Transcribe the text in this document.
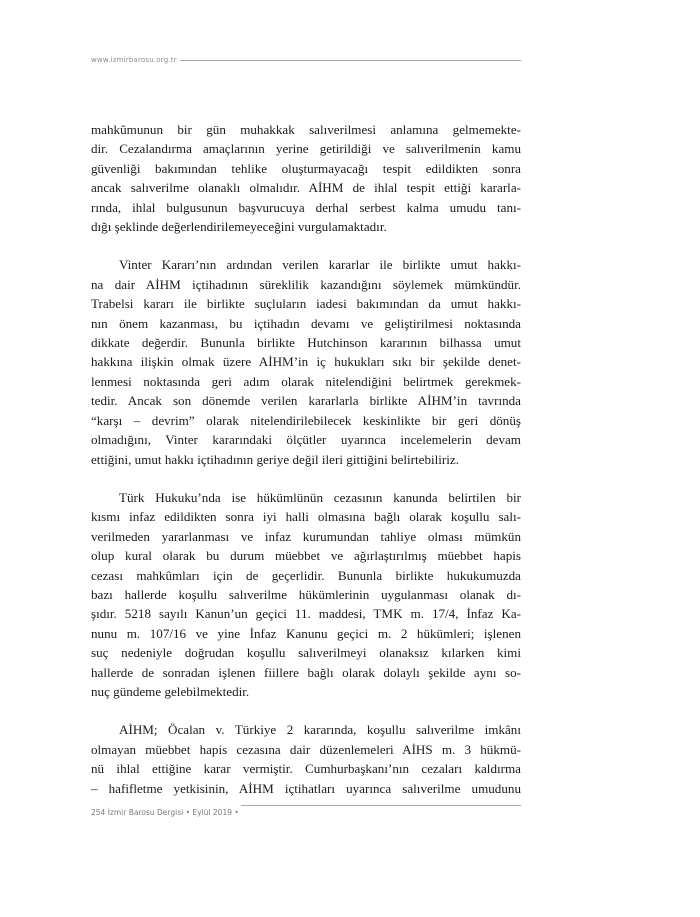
www.izmirbarosu.org.tr
mahkûmunun bir gün muhakkak salıverilmesi anlamına gelmemekte-
dir. Cezalandırma amaçlarının yerine getirildiği ve salıverilmenin kamu
güvenliği bakımından tehlike oluşturmayacağı tespit edildikten sonra
ancak salıverilme olanaklı olmalıdır. AİHM de ihlal tespit ettiği kararla-
rında, ihlal bulgusunun başvurucuya derhal serbest kalma umudu tanı-
dığı şeklinde değerlendirilemeyeceğini vurgulamaktadır.
Vinter Kararı’nın ardından verilen kararlar ile birlikte umut hakkı-
na dair AİHM içtihadının süreklilik kazandığını söylemek mümkündür.
Trabelsi kararı ile birlikte suçluların iadesi bakımından da umut hakkı-
nın önem kazanması, bu içtihadın devamı ve geliştirilmesi noktasında
dikkate değerdir. Bununla birlikte Hutchinson kararının bilhassa umut
hakkına ilişkin olmak üzere AİHM’in iç hukukları sıkı bir şekilde denet-
lenmesi noktasında geri adım olarak nitelendiğini belirtmek gerekmek-
tedir. Ancak son dönemde verilen kararlarla birlikte AİHM’in tavrında
“karşı – devrim” olarak nitelendirilebilecek keskinlikte bir geri dönüş
olmadığını, Vinter kararındaki ölçütler uyarınca incelemelerin devam
ettiğini, umut hakkı içtihadının geriye değil ileri gittiğini belirtebiliriz.
Türk Hukuku’nda ise hükümlünün cezasının kanunda belirtilen bir
kısmı infaz edildikten sonra iyi halli olmasına bağlı olarak koşullu salı-
verilmeden yararlanması ve infaz kurumundan tahliye olması mümkün
olup kural olarak bu durum müebbet ve ağırlaştırılmış müebbet hapis
cezası mahkûmları için de geçerlidir. Bununla birlikte hukukumuzda
bazı hallerde koşullu salıverilme hükümlerinin uygulanması olanak dı-
şıdır. 5218 sayılı Kanun’un geçici 11. maddesi, TMK m. 17/4, İnfaz Ka-
nunu m. 107/16 ve yine İnfaz Kanunu geçici m. 2 hükümleri; işlenen
suç nedeniyle doğrudan koşullu salıverilmeyi olanaksız kılarken kimi
hallerde de sonradan işlenen fiillere bağlı olarak dolaylı şekilde aynı so-
nuç gündeme gelebilmektedir.
AİHM; Öcalan v. Türkiye 2 kararında, koşullu salıverilme imkânı
olmayan müebbet hapis cezasına dair düzenlemeleri AİHS m. 3 hükmü-
nü ihlal ettiğine karar vermiştir. Cumhurbaşkanı’nın cezaları kaldırma
– hafifletme yetkisinin, AİHM içtihatları uyarınca salıverilme umudunu
254 İzmir Barosu Dergisi • Eylül 2019 •
